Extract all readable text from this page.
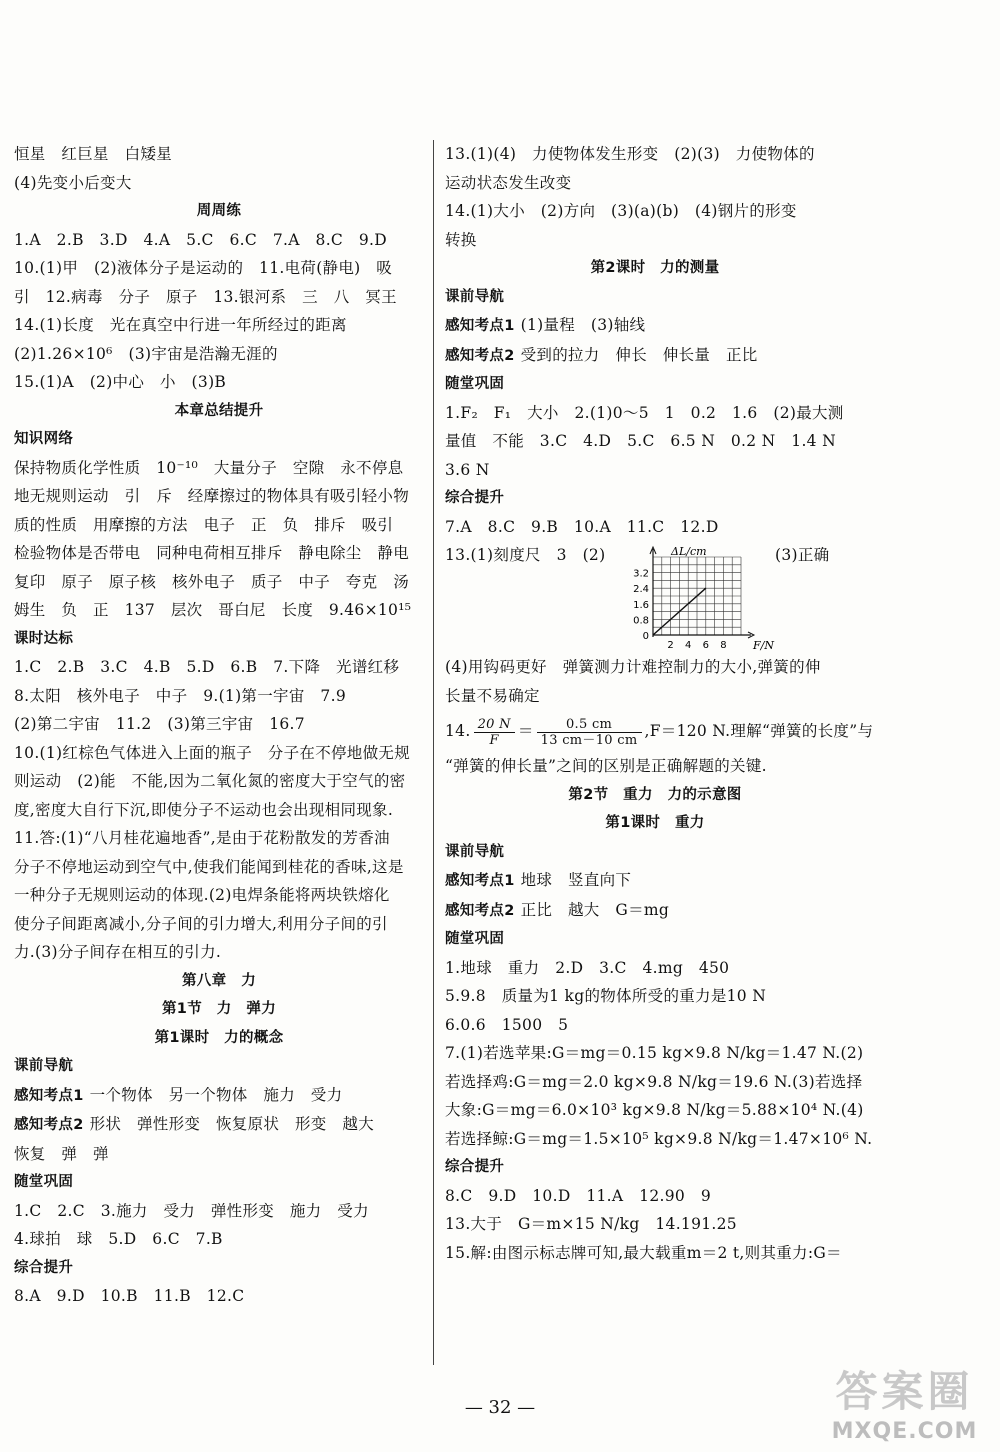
恒星　红巨星　白矮星
(4)先变小后变大
周周练
1.A　2.B　3.D　4.A　5.C　6.C　7.A　8.C　9.D
10.(1)甲　(2)液体分子是运动的　11.电荷(静电)　吸
引　12.病毒　分子　原子　13.银河系　三　八　冥王
14.(1)长度　光在真空中行进一年所经过的距离
(2)1.26×10⁶　(3)宇宙是浩瀚无涯的
15.(1)A　(2)中心　小　(3)B
本章总结提升
知识网络
保持物质化学性质　10⁻¹⁰　大量分子　空隙　永不停息
地无规则运动　引　斥　经摩擦过的物体具有吸引轻小物
质的性质　用摩擦的方法　电子　正　负　排斥　吸引
检验物体是否带电　同种电荷相互排斥　静电除尘　静电
复印　原子　原子核　核外电子　质子　中子　夸克　汤
姆生　负　正　137　层次　哥白尼　长度　9.46×10¹⁵
课时达标
1.C　2.B　3.C　4.B　5.D　6.B　7.下降　光谱红移
8.太阳　核外电子　中子　9.(1)第一宇宙　7.9
(2)第二宇宙　11.2　(3)第三宇宙　16.7
10.(1)红棕色气体进入上面的瓶子　分子在不停地做无规
则运动　(2)能　不能,因为二氧化氮的密度大于空气的密
度,密度大自行下沉,即使分子不运动也会出现相同现象.
11.答:(1)“八月桂花遍地香”,是由于花粉散发的芳香油
分子不停地运动到空气中,使我们能闻到桂花的香味,这是
一种分子无规则运动的体现.(2)电焊条能将两块铁熔化
使分子间距离减小,分子间的引力增大,利用分子间的引
力.(3)分子间存在相互的引力.
第八章　力
第1节　力　弹力
第1课时　力的概念
课前导航
感知考点1 一个物体　另一个物体　施力　受力
感知考点2 形状　弹性形变　恢复原状　形变　越大
恢复　弹　弹
随堂巩固
1.C　2.C　3.施力　受力　弹性形变　施力　受力
4.球拍　球　5.D　6.C　7.B
综合提升
8.A　9.D　10.B　11.B　12.C
13.(1)(4)　力使物体发生形变　(2)(3)　力使物体的
运动状态发生改变
14.(1)大小　(2)方向　(3)(a)(b)　(4)钢片的形变
转换
第2课时　力的测量
课前导航
感知考点1 (1)量程　(3)轴线
感知考点2 受到的拉力　伸长　伸长量　正比
随堂巩固
1.F₂　F₁　大小　2.(1)0～5　1　0.2　1.6　(2)最大测
量值　不能　3.C　4.D　5.C　6.5 N　0.2 N　1.4 N
3.6 N
综合提升
7.A　8.C　9.B　10.A　11.C　12.D
13.(1)刻度尺　3　(2)	(3)正确
3.2
2.4
1.6
0.8
0
2 4 6 8
ΔL/cm
F/N
(4)用钩码更好　弹簧测力计难控制力的大小,弹簧的伸
长量不易确定
14. $\frac{20 N}{F} = \frac{0.5 cm}{13 cm-10 cm} ,F=120$ N.理解“弹簧的长度”与
“弹簧的伸长量”之间的区别是正确解题的关键.
第2节　重力　力的示意图
第1课时　重力
课前导航
感知考点1 地球　竖直向下
感知考点2 正比　越大　G＝mg
随堂巩固
1.地球　重力　2.D　3.C　4.mg　450
5.9.8　质量为1 kg的物体所受的重力是10 N
6.0.6　1500　5
7.(1)若选苹果:G＝mg＝0.15 kg×9.8 N/kg＝1.47 N.(2)
若选择鸡:G＝mg＝2.0 kg×9.8 N/kg＝19.6 N.(3)若选择
大象:G＝mg＝6.0×10³ kg×9.8 N/kg＝5.88×10⁴ N.(4)
若选择鲸:G＝mg＝1.5×10⁵ kg×9.8 N/kg＝1.47×10⁶ N.
综合提升
8.C　9.D　10.D　11.A　12.90　9
13.大于　G＝m×15 N/kg　14.191.25
15.解:由图示标志牌可知,最大载重m＝2 t,则其重力:G＝
— 32 —	答案圈
MXQE.COM
